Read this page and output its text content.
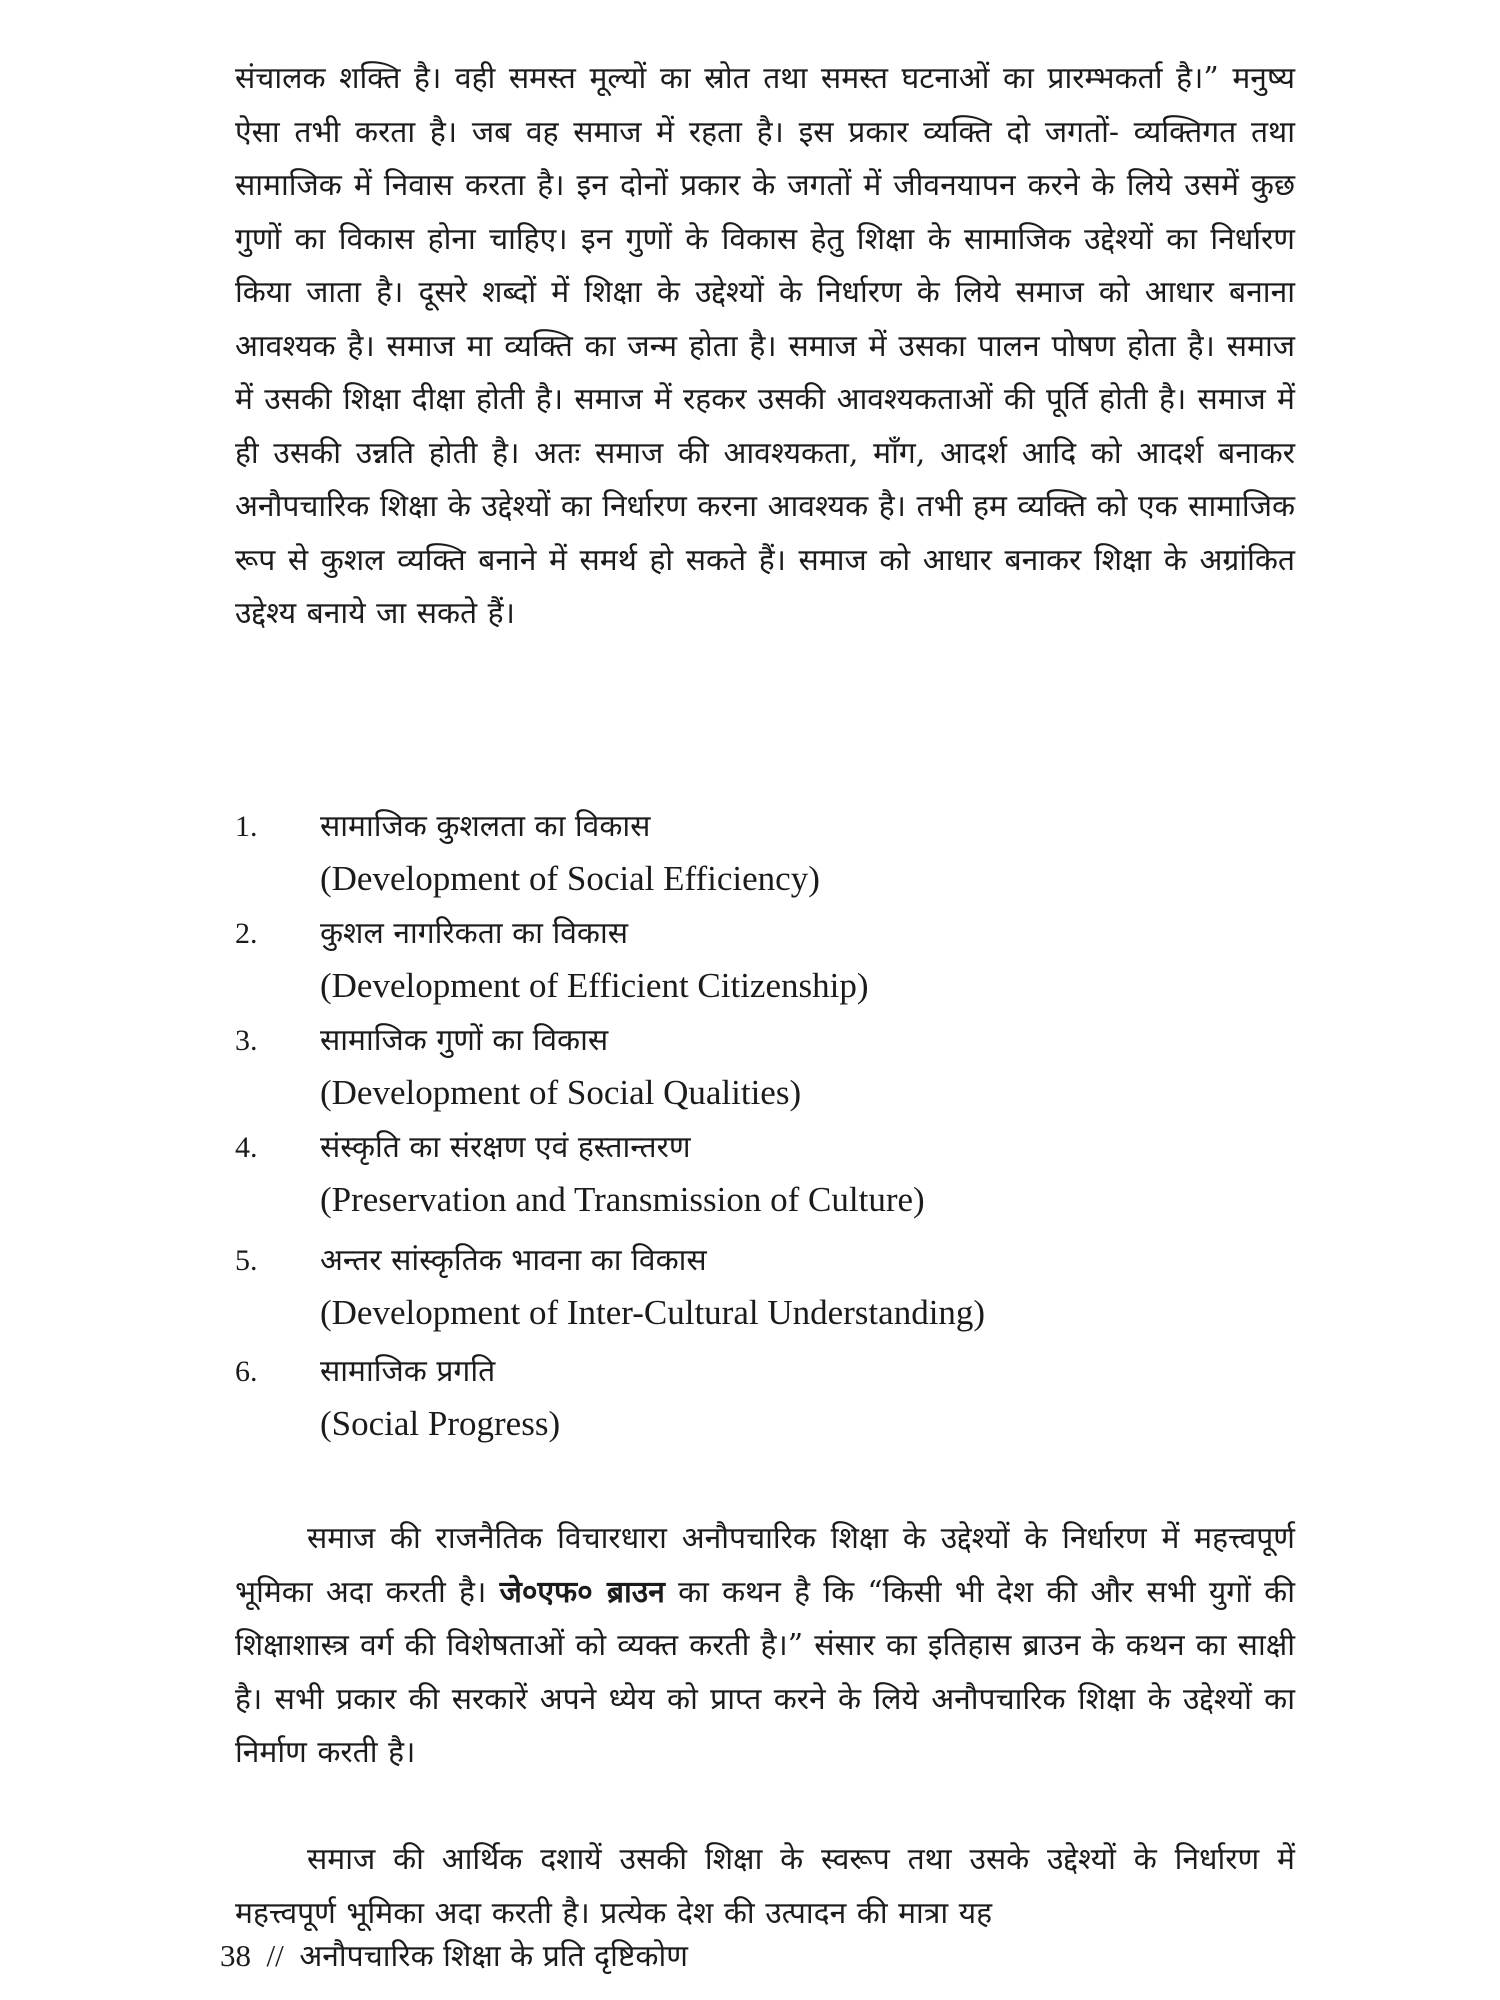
संचालक शक्ति है। वही समस्त मूल्यों का स्रोत तथा समस्त घटनाओं का प्रारम्भकर्ता है।” मनुष्य ऐसा तभी करता है। जब वह समाज में रहता है। इस प्रकार व्यक्ति दो जगतों- व्यक्तिगत तथा सामाजिक में निवास करता है। इन दोनों प्रकार के जगतों में जीवनयापन करने के लिये उसमें कुछ गुणों का विकास होना चाहिए। इन गुणों के विकास हेतु शिक्षा के सामाजिक उद्देश्यों का निर्धारण किया जाता है। दूसरे शब्दों में शिक्षा के उद्देश्यों के निर्धारण के लिये समाज को आधार बनाना आवश्यक है। समाज मा व्यक्ति का जन्म होता है। समाज में उसका पालन पोषण होता है। समाज में उसकी शिक्षा दीक्षा होती है। समाज में रहकर उसकी आवश्यकताओं की पूर्ति होती है। समाज में ही उसकी उन्नति होती है। अतः समाज की आवश्यकता, माँग, आदर्श आदि को आदर्श बनाकर अनौपचारिक शिक्षा के उद्देश्यों का निर्धारण करना आवश्यक है। तभी हम व्यक्ति को एक सामाजिक रूप से कुशल व्यक्ति बनाने में समर्थ हो सकते हैं। समाज को आधार बनाकर शिक्षा के अग्रांकित उद्देश्य बनाये जा सकते हैं।

1. सामाजिक कुशलता का विकास
(Development of Social Efficiency)
2. कुशल नागरिकता का विकास
(Development of Efficient Citizenship)
3. सामाजिक गुणों का विकास
(Development of Social Qualities)
4. संस्कृति का संरक्षण एवं हस्तान्तरण
(Preservation and Transmission of Culture)
5. अन्तर सांस्कृतिक भावना का विकास
(Development of Inter-Cultural Understanding)
6. सामाजिक प्रगति
(Social Progress)

समाज की राजनैतिक विचारधारा अनौपचारिक शिक्षा के उद्देश्यों के निर्धारण में महत्त्वपूर्ण भूमिका अदा करती है। जे०एफ० ब्राउन का कथन है कि “किसी भी देश की और सभी युगों की शिक्षाशास्त्र वर्ग की विशेषताओं को व्यक्त करती है।” संसार का इतिहास ब्राउन के कथन का साक्षी है। सभी प्रकार की सरकारें अपने ध्येय को प्राप्त करने के लिये अनौपचारिक शिक्षा के उद्देश्यों का निर्माण करती है।

समाज की आर्थिक दशायें उसकी शिक्षा के स्वरूप तथा उसके उद्देश्यों के निर्धारण में महत्त्वपूर्ण भूमिका अदा करती है। प्रत्येक देश की उत्पादन की मात्रा यह

38 // अनौपचारिक शिक्षा के प्रति दृष्टिकोण
